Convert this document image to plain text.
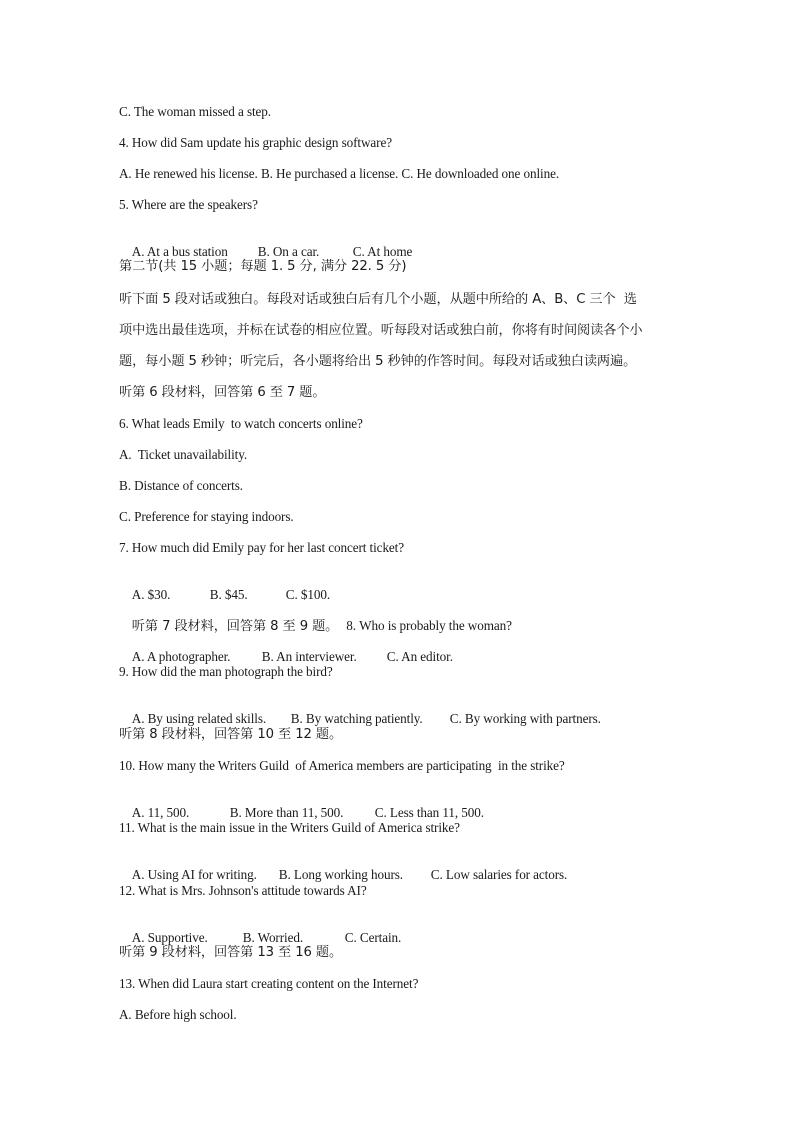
C. The woman missed a step.
4. How did Sam update his graphic design software?
A. He renewed his license. B. He purchased a license. C. He downloaded one online.
5. Where are the speakers?

A. At a bus station B. On a car.	C. At home

第二节(共 15 小题；每题 1. 5 分, 满分 22. 5 分)
听下面 5 段对话或独白。每段对话或独白后有几个小题，从题中所给的 A、B、C 三个  选
项中选出最佳选项，并标在试卷的相应位置。听每段对话或独白前，你将有时间阅读各个小
题，每小题 5 秒钟；听完后，各小题将给出 5 秒钟的作答时间。每段对话或独白读两遍。
听第 6 段材料，回答第 6 至 7 题。
6. What leads Emily  to watch concerts online?
A.  Ticket unavailability.
B. Distance of concerts.
C. Preference for staying indoors.
7. How much did Emily pay for her last concert ticket?

A. $30.	B. $45.	C. $100.

听第 7 段材料，回答第 8 至 9 题。 8. Who is probably the woman?

A. A photographer. B. An interviewer. C. An editor.

9. How did the man photograph the bird?

A. By using related skills. B. By watching patiently. C. By working with partners.

听第 8 段材料，回答第 10 至 12 题。
10. How many the Writers Guild  of America members are participating  in the strike?

A. 11, 500.	B. More than 11, 500. C. Less than 11, 500.

11. What is the main issue in the Writers Guild of America strike?

A. Using AI for writing. B. Long working hours. C. Low salaries for actors.

12. What is Mrs. Johnson's attitude towards AI?

A. Supportive.	B. Worried.	C. Certain.

听第 9 段材料，回答第 13 至 16 题。
13. When did Laura start creating content on the Internet?
A. Before high school.
